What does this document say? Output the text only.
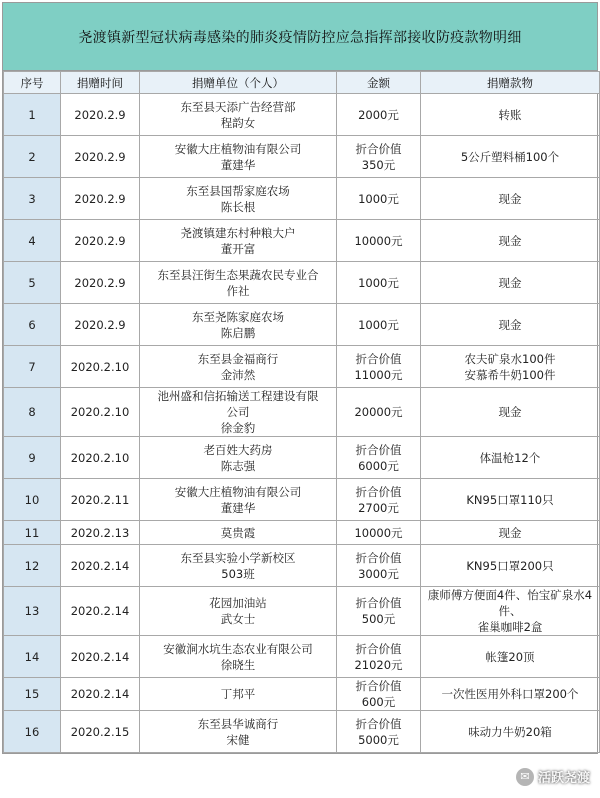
尧渡镇新型冠状病毒感染的肺炎疫情防控应急指挥部接收防疫款物明细
序号	捐赠时间	捐赠单位（个人）	金额	捐赠款物
1	2020.2.9	东至县天添广告经营部
程韵女	2000元	转账

2	2020.2.9	安徽大庄植物油有限公司
董建华	折合价值
350元	5公斤塑料桶100个

3	2020.2.9	东至县国帮家庭农场
陈长根	1000元	现金

4	2020.2.9	尧渡镇建东村种粮大户
董开富	10000元	现金

5	2020.2.9	东至县汪街生态果蔬农民专业合
作社	1000元	现金

6	2020.2.9	东至尧陈家庭农场
陈启鹏	1000元	现金

7	2020.2.10	东至县金福商行
金沛然	折合价值
11000元	农夫矿泉水100件
安慕希牛奶100件

8	2020.2.10	池州盛和信拓输送工程建设有限
公司
徐金豹	20000元	现金

9	2020.2.10	老百姓大药房
陈志强	折合价值
6000元	体温枪12个

10	2020.2.11	安徽大庄植物油有限公司
董建华	折合价值
2700元	KN95口罩110只

11	2020.2.13	莫贵霞	10000元	现金

12	2020.2.14	东至县实验小学新校区
503班	折合价值
3000元	KN95口罩200只

13	2020.2.14	花园加油站
武女士	折合价值
500元	康师傅方便面4件、怡宝矿泉水4件、
雀巢咖啡2盒

14	2020.2.14	安徽涧水坑生态农业有限公司
徐晓生	折合价值
21020元	帐篷20顶

15	2020.2.14	丁邦平	折合价值
600元	一次性医用外科口罩200个

16	2020.2.15	东至县华诚商行
宋健	折合价值
5000元	味动力牛奶20箱
✉ 活跃尧渡
